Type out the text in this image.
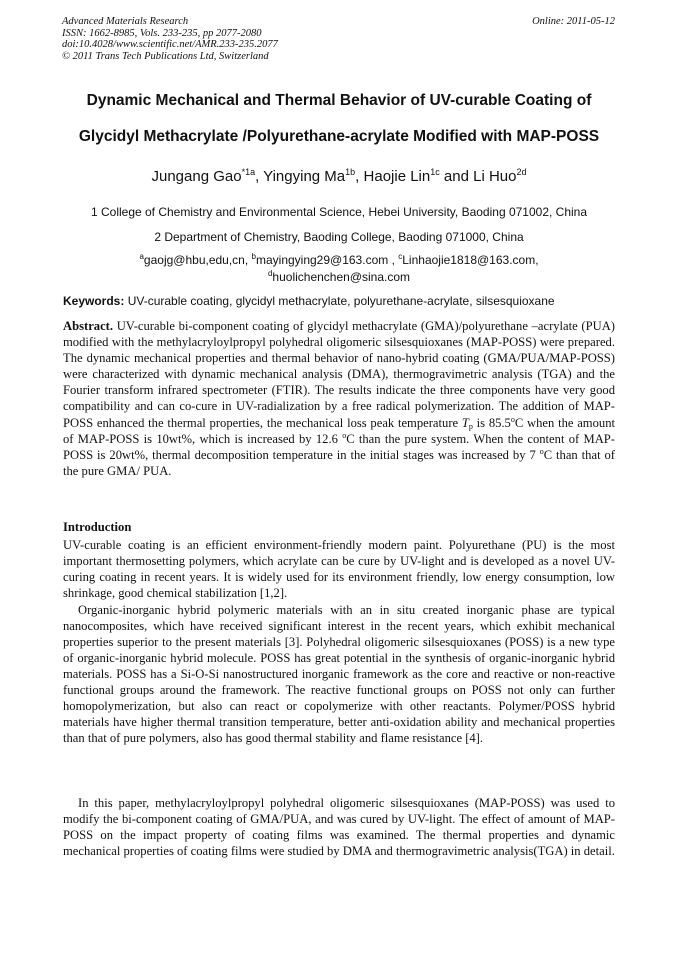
Advanced Materials Research
ISSN: 1662-8985, Vols. 233-235, pp 2077-2080
doi:10.4028/www.scientific.net/AMR.233-235.2077
© 2011 Trans Tech Publications Ltd, Switzerland
Online: 2011-05-12
Dynamic Mechanical and Thermal Behavior of UV-curable Coating of
Glycidyl Methacrylate /Polyurethane-acrylate Modified with MAP-POSS
Jungang Gao$^{*1a}$, Yingying $Ma^{1b}$, Haojie Lin$^{1c}$ and Li Huo$^{2d}$
1 College of Chemistry and Environmental Science, Hebei University, Baoding 071002, China
2 Department of Chemistry, Baoding College, Baoding 071000, China
$^a$gaojg@hbu,edu,cn, $^b$mayingying29@163.com , $^c$Linhaojie1818@163.com,
$^d$huolichenchen@sina.com
Keywords: UV-curable coating, glycidyl methacrylate, polyurethane-acrylate, silsesquioxane
Abstract. UV-curable bi-component coating of glycidyl methacrylate (GMA)/polyurethane –acrylate (PUA) modified with the methylacryloylpropyl polyhedral oligomeric silsesquioxanes (MAP-POSS) were prepared. The dynamic mechanical properties and thermal behavior of nano-hybrid coating (GMA/PUA/MAP-POSS) were characterized with dynamic mechanical analysis (DMA), thermogravimetric analysis (TGA) and the Fourier transform infrared spectrometer (FTIR). The results indicate the three components have very good compatibility and can co-cure in UV-radialization by a free radical polymerization. The addition of MAP-POSS enhanced the thermal properties, the mechanical loss peak temperature $T_p$ is 85.5$^o$C when the amount of MAP-POSS is 10wt%, which is increased by 12.6 $^o$C than the pure system. When the content of MAP-POSS is 20wt%, thermal decomposition temperature in the initial stages was increased by 7 $^o$C than that of the pure GMA/ PUA.
Introduction
UV-curable coating is an efficient environment-friendly modern paint. Polyurethane (PU) is the most important thermosetting polymers, which acrylate can be cure by UV-light and is developed as a novel UV-curing coating in recent years. It is widely used for its environment friendly, low energy consumption, low shrinkage, good chemical stabilization [1,2].
Organic-inorganic hybrid polymeric materials with an in situ created inorganic phase are typical nanocomposites, which have received significant interest in the recent years, which exhibit mechanical properties superior to the present materials [3]. Polyhedral oligomeric silsesquioxanes (POSS) is a new type of organic-inorganic hybrid molecule. POSS has great potential in the synthesis of organic-inorganic hybrid materials. POSS has a Si-O-Si nanostructured inorganic framework as the core and reactive or non-reactive functional groups around the framework. The reactive functional groups on POSS not only can further homopolymerization, but also can react or copolymerize with other reactants. Polymer/POSS hybrid materials have higher thermal transition temperature, better anti-oxidation ability and mechanical properties than that of pure polymers, also has good thermal stability and flame resistance [4].
In this paper, methylacryloylpropyl polyhedral oligomeric silsesquioxanes (MAP-POSS) was used to modify the bi-component coating of GMA/PUA, and was cured by UV-light. The effect of amount of MAP-POSS on the impact property of coating films was examined. The thermal properties and dynamic mechanical properties of coating films were studied by DMA and thermogravimetric analysis(TGA) in detail.
